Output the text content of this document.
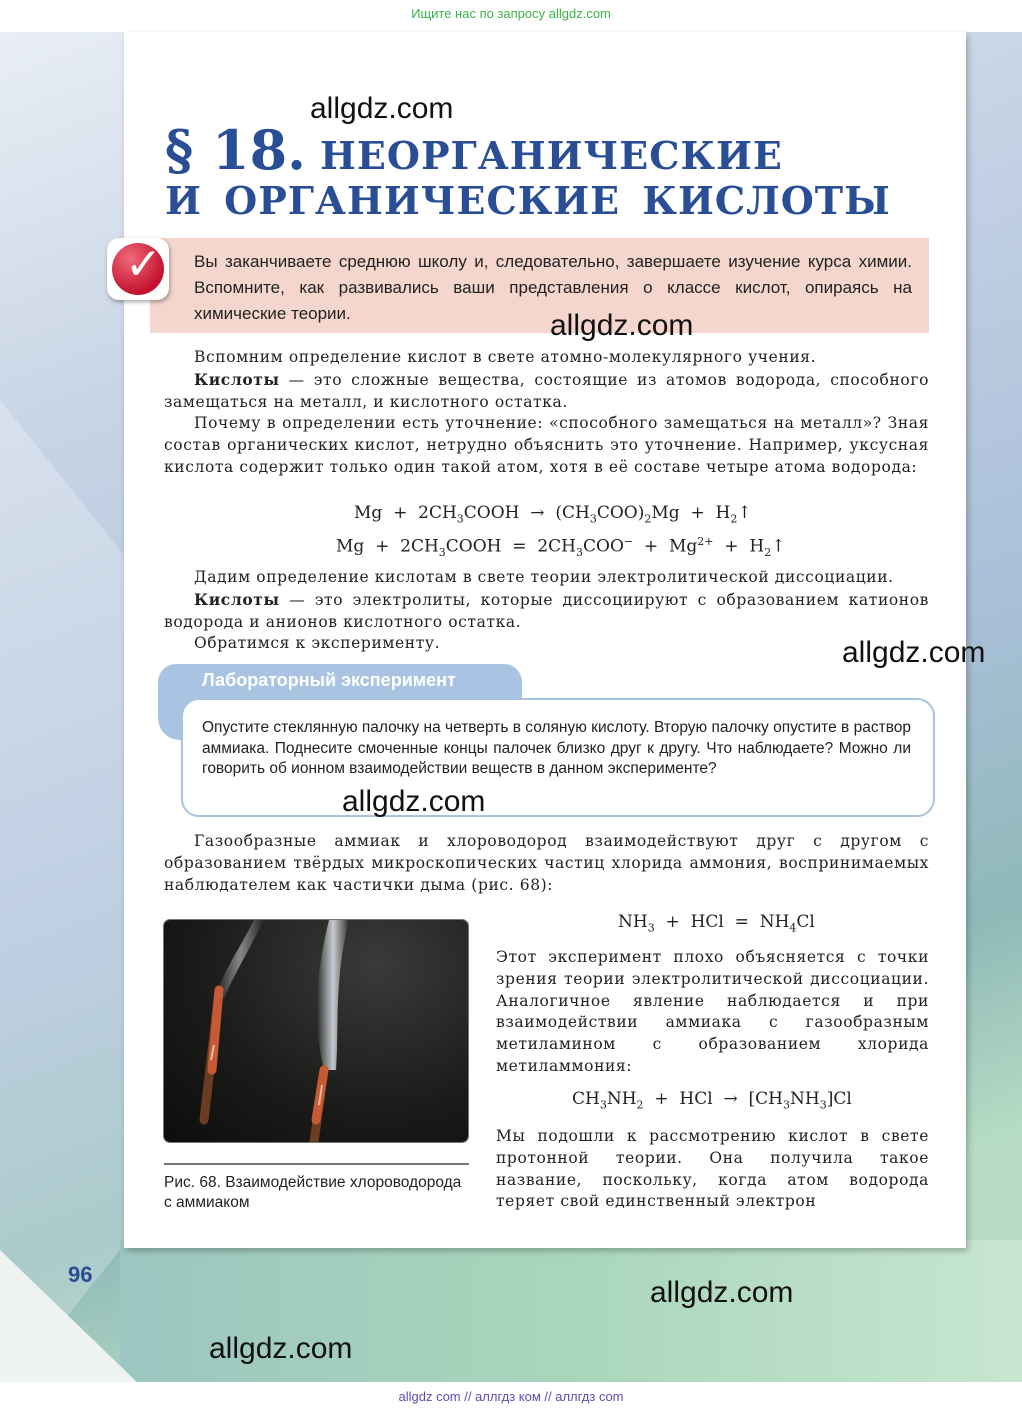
Ищите нас по запросу allgdz.com
§ 18. НЕОРГАНИЧЕСКИЕ
И ОРГАНИЧЕСКИЕ КИСЛОТЫ
Вы заканчиваете среднюю школу и, следовательно, завершаете изучение курса химии. Вспомните, как развивались ваши представления о классе кислот, опираясь на химические теории.
✓
Вспомним определение кислот в свете атомно-молекулярного учения.
Кислоты — это сложные вещества, состоящие из атомов водорода, способного замещаться на металл, и кислотного остатка.
Почему в определении есть уточнение: «способного замещаться на металл»? Зная состав органических кислот, нетрудно объяснить это уточнение. Например, уксусная кислота содержит только один такой атом, хотя в её составе четыре атома водорода:
$Mg + 2CH_3COOH \to (CH_3COO)_2Mg$  +  $H_2↑$
$Mg + 2CH_3COOH = 2CH_3COO^- + Mg^{2+}$  +  $H_2↑$
Дадим определение кислотам в свете теории электролитической диссоциации.
Кислоты — это электролиты, которые диссоциируют с образованием катионов водорода и анионов кислотного остатка.
Обратимся к эксперименту.
Лабораторный эксперимент
Опустите стеклянную палочку на четверть в соляную кислоту. Вторую палочку опустите в раствор аммиака. Поднесите смоченные концы палочек близко друг к другу. Что наблюдаете? Можно ли говорить об ионном взаимодействии веществ в данном эксперименте?
Газообразные аммиак и хлороводород взаимодействуют друг с другом с образованием твёрдых микроскопических частиц хлорида аммония, воспринимаемых наблюдателем как частички дыма (рис. 68):
Рис. 68. Взаимодействие хлороводорода с аммиаком
$NH_3$  +  HCl  =  $NH_4Cl$
Этот эксперимент плохо объясняется с точки зрения теории электролитической диссоциации. Аналогичное явление наблюдается и при взаимодействии аммиака с газообразным метиламином с образованием хлорида метиламмония:
$CH_3NH_2$  +  HCl  →  $[CH_3NH_3]Cl$
Мы подошли к рассмотрению кислот в свете протонной теории. Она получила такое название, поскольку, когда атом водорода теряет свой единственный электрон
96
allgdz.com
allgdz.com
allgdz.com
allgdz.com
allgdz.com
allgdz.com
allgdz com // аллгдз ком // аллгдз com
